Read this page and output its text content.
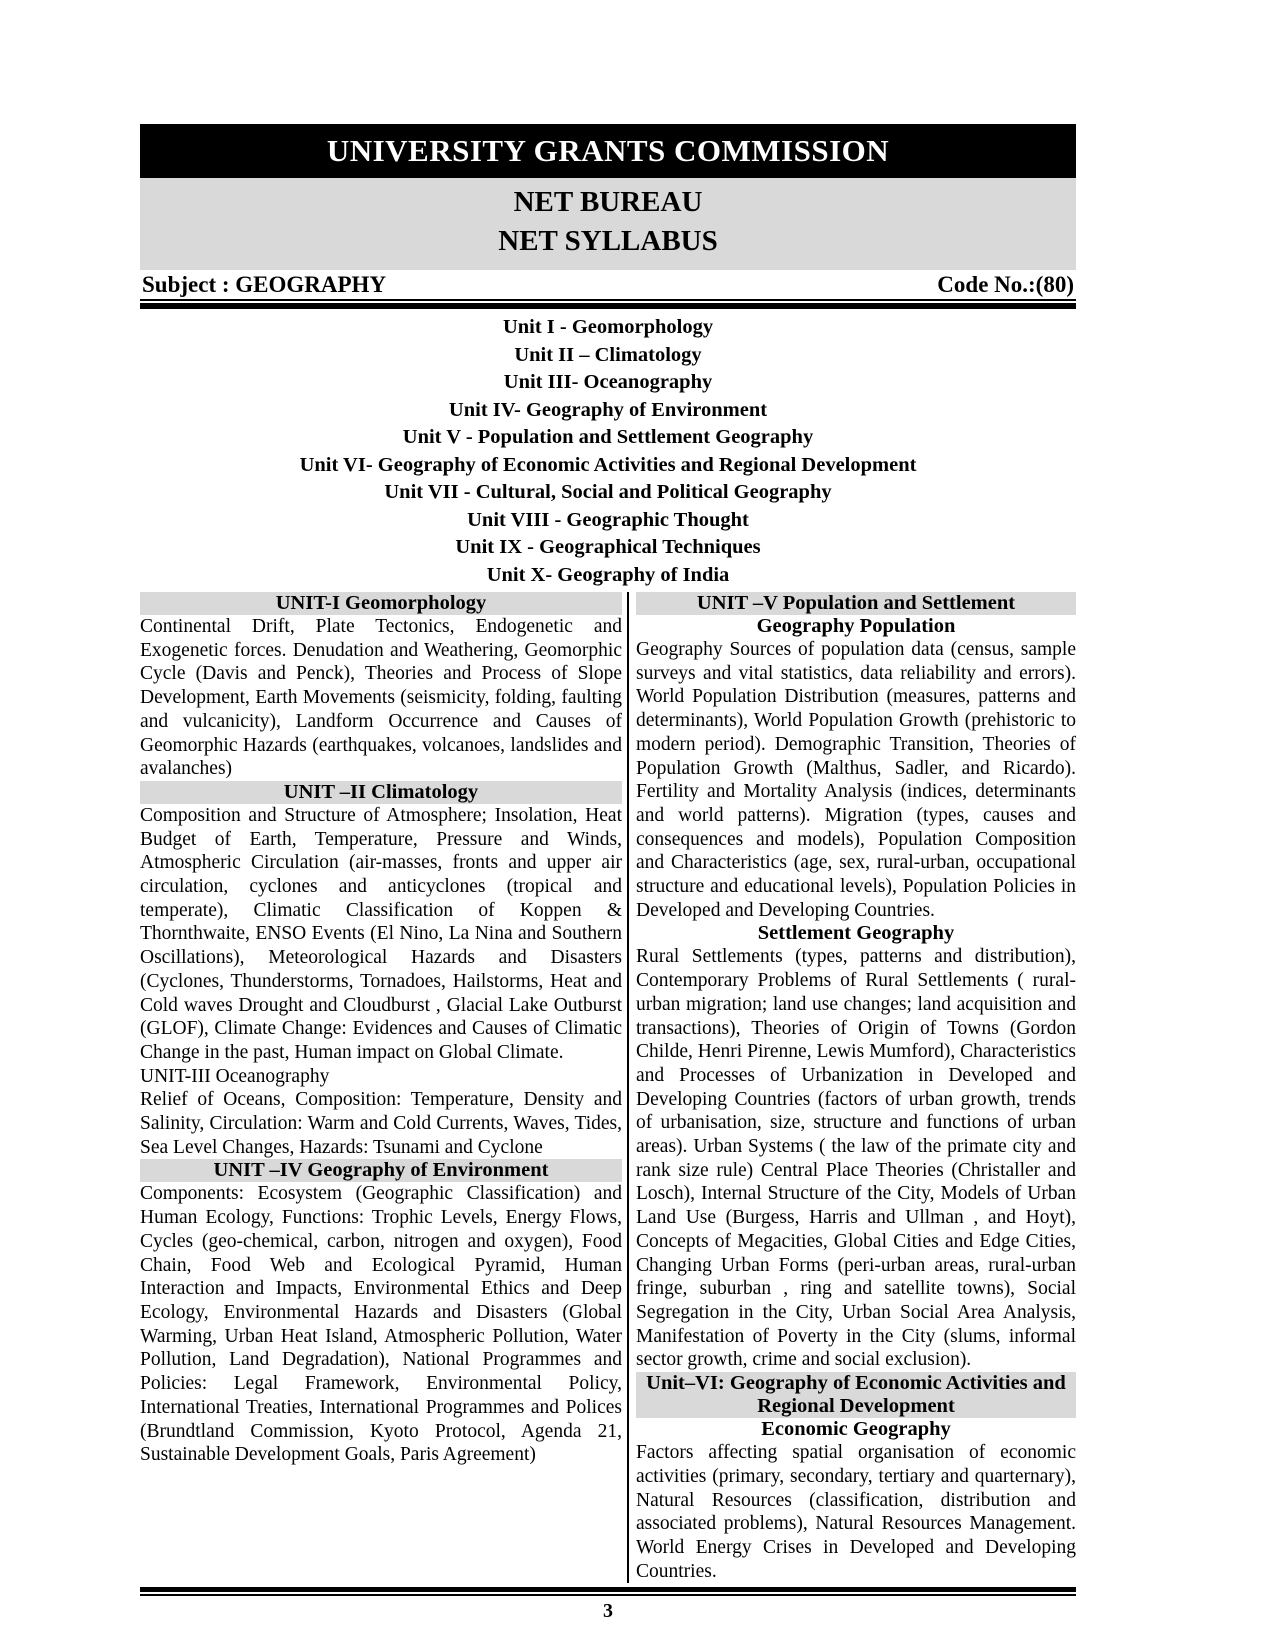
UNIVERSITY GRANTS COMMISSION
NET BUREAU
NET SYLLABUS
Subject : GEOGRAPHY	Code No.:(80)
Unit I - Geomorphology
Unit II – Climatology
Unit III- Oceanography
Unit IV- Geography of Environment
Unit V - Population and Settlement Geography
Unit VI- Geography of Economic Activities and Regional Development
Unit VII - Cultural, Social and Political Geography
Unit VIII - Geographic Thought
Unit IX - Geographical Techniques
Unit X- Geography of India
UNIT-I Geomorphology
Continental Drift, Plate Tectonics, Endogenetic and Exogenetic forces. Denudation and Weathering, Geomorphic Cycle (Davis and Penck), Theories and Process of Slope Development, Earth Movements (seismicity, folding, faulting and vulcanicity), Landform Occurrence and Causes of Geomorphic Hazards (earthquakes, volcanoes, landslides and avalanches)
UNIT –II Climatology
Composition and Structure of Atmosphere; Insolation, Heat Budget of Earth, Temperature, Pressure and Winds, Atmospheric Circulation (air-masses, fronts and upper air circulation, cyclones and anticyclones (tropical and temperate), Climatic Classification of Koppen & Thornthwaite, ENSO Events (El Nino, La Nina and Southern Oscillations), Meteorological Hazards and Disasters (Cyclones, Thunderstorms, Tornadoes, Hailstorms, Heat and Cold waves Drought and Cloudburst , Glacial Lake Outburst (GLOF), Climate Change: Evidences and Causes of Climatic Change in the past, Human impact on Global Climate.
UNIT-III Oceanography
Relief of Oceans, Composition: Temperature, Density and Salinity, Circulation: Warm and Cold Currents, Waves, Tides, Sea Level Changes, Hazards: Tsunami and Cyclone
UNIT –IV Geography of Environment
Components: Ecosystem (Geographic Classification) and Human Ecology, Functions: Trophic Levels, Energy Flows, Cycles (geo-chemical, carbon, nitrogen and oxygen), Food Chain, Food Web and Ecological Pyramid, Human Interaction and Impacts, Environmental Ethics and Deep Ecology, Environmental Hazards and Disasters (Global Warming, Urban Heat Island, Atmospheric Pollution, Water Pollution, Land Degradation), National Programmes and Policies: Legal Framework, Environmental Policy, International Treaties, International Programmes and Polices (Brundtland Commission, Kyoto Protocol, Agenda 21, Sustainable Development Goals, Paris Agreement)
UNIT –V Population and Settlement
Geography Population
Geography Sources of population data (census, sample surveys and vital statistics, data reliability and errors). World Population Distribution (measures, patterns and determinants), World Population Growth (prehistoric to modern period). Demographic Transition, Theories of Population Growth (Malthus, Sadler, and Ricardo). Fertility and Mortality Analysis (indices, determinants and world patterns). Migration (types, causes and consequences and models), Population Composition and Characteristics (age, sex, rural-urban, occupational structure and educational levels), Population Policies in Developed and Developing Countries.
Settlement Geography
Rural Settlements (types, patterns and distribution), Contemporary Problems of Rural Settlements ( rural-urban migration; land use changes; land acquisition and transactions), Theories of Origin of Towns (Gordon Childe, Henri Pirenne, Lewis Mumford), Characteristics and Processes of Urbanization in Developed and Developing Countries (factors of urban growth, trends of urbanisation, size, structure and functions of urban areas). Urban Systems ( the law of the primate city and rank size rule) Central Place Theories (Christaller and Losch), Internal Structure of the City, Models of Urban Land Use (Burgess, Harris and Ullman , and Hoyt), Concepts of Megacities, Global Cities and Edge Cities, Changing Urban Forms (peri-urban areas, rural-urban fringe, suburban , ring and satellite towns), Social Segregation in the City, Urban Social Area Analysis, Manifestation of Poverty in the City (slums, informal sector growth, crime and social exclusion).
Unit–VI: Geography of Economic Activities and Regional Development
Economic Geography
Factors affecting spatial organisation of economic activities (primary, secondary, tertiary and quarternary), Natural Resources (classification, distribution and associated problems), Natural Resources Management. World Energy Crises in Developed and Developing Countries.
3
